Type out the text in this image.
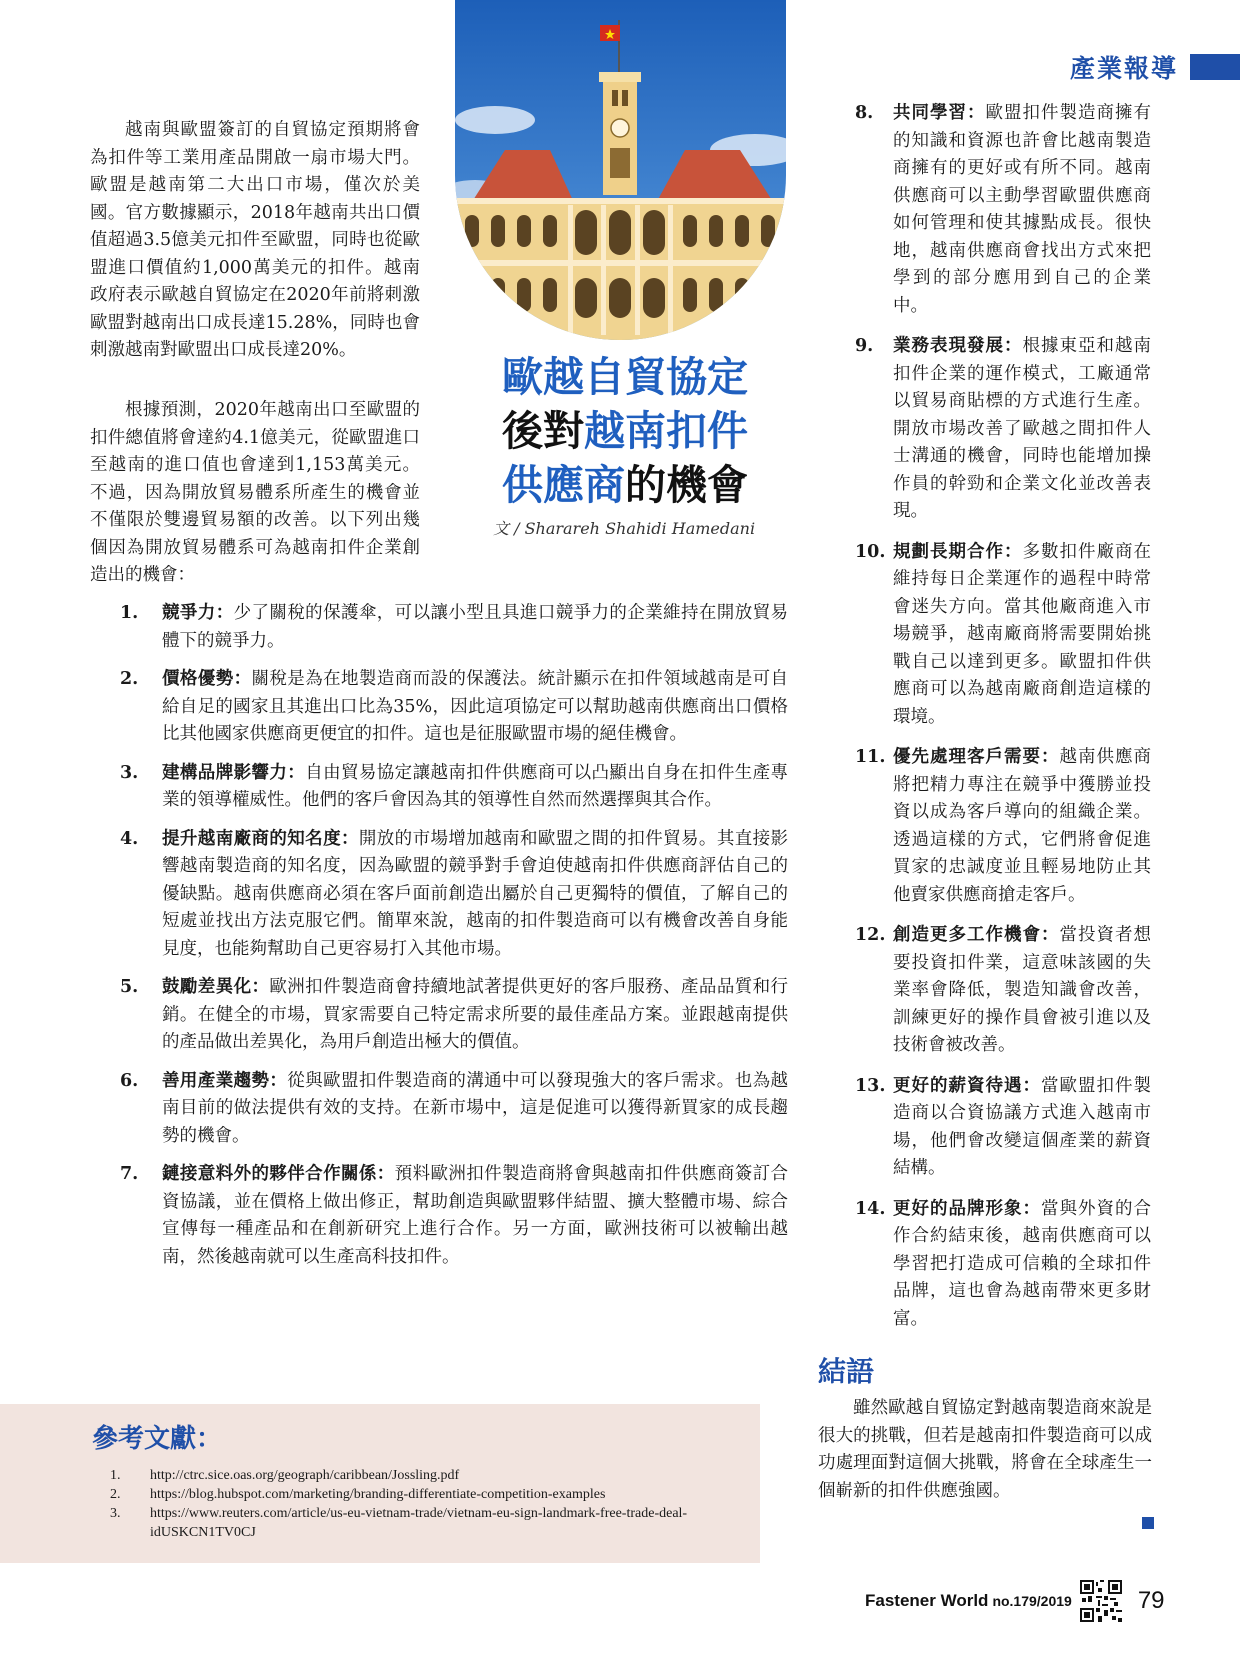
產業報導
歐越自貿協定
後對越南扣件
供應商的機會
文 / Sharareh Shahidi Hamedani

越南與歐盟簽訂的自貿協定預期將會為扣件等工業用產品開啟一扇市場大門。歐盟是越南第二大出口市場，僅次於美國。官方數據顯示，2018年越南共出口價值超過3.5億美元扣件至歐盟，同時也從歐盟進口價值約1,000萬美元的扣件。越南政府表示歐越自貿協定在2020年前將刺激歐盟對越南出口成長達15.28%，同時也會刺激越南對歐盟出口成長達20%。

根據預測，2020年越南出口至歐盟的扣件總值將會達約4.1億美元，從歐盟進口至越南的進口值也會達到1,153萬美元。不過，因為開放貿易體系所產生的機會並不僅限於雙邊貿易額的改善。以下列出幾個因為開放貿易體系可為越南扣件企業創造出的機會：

1.	競爭力：少了關稅的保護傘，可以讓小型且具進口競爭力的企業維持在開放貿易體下的競爭力。
2.	價格優勢：關稅是為在地製造商而設的保護法。統計顯示在扣件領域越南是可自給自足的國家且其進出口比為35%，因此這項協定可以幫助越南供應商出口價格比其他國家供應商更便宜的扣件。這也是征服歐盟市場的絕佳機會。
3.	建構品牌影響力：自由貿易協定讓越南扣件供應商可以凸顯出自身在扣件生產專業的領導權威性。他們的客戶會因為其的領導性自然而然選擇與其合作。
4.	提升越南廠商的知名度：開放的市場增加越南和歐盟之間的扣件貿易。其直接影響越南製造商的知名度，因為歐盟的競爭對手會迫使越南扣件供應商評估自己的優缺點。越南供應商必須在客戶面前創造出屬於自己更獨特的價值，了解自己的短處並找出方法克服它們。簡單來說，越南的扣件製造商可以有機會改善自身能見度，也能夠幫助自己更容易打入其他市場。
5.	鼓勵差異化：歐洲扣件製造商會持續地試著提供更好的客戶服務、產品品質和行銷。在健全的市場，買家需要自己特定需求所要的最佳產品方案。並跟越南提供的產品做出差異化，為用戶創造出極大的價值。
6.	善用產業趨勢：從與歐盟扣件製造商的溝通中可以發現強大的客戶需求。也為越南目前的做法提供有效的支持。在新市場中，這是促進可以獲得新買家的成長趨勢的機會。
7.	鏈接意料外的夥伴合作關係：預料歐洲扣件製造商將會與越南扣件供應商簽訂合資協議，並在價格上做出修正，幫助創造與歐盟夥伴結盟、擴大整體市場、綜合宣傳每一種產品和在創新研究上進行合作。另一方面，歐洲技術可以被輸出越南，然後越南就可以生產高科技扣件。
8.	共同學習：歐盟扣件製造商擁有的知識和資源也許會比越南製造商擁有的更好或有所不同。越南供應商可以主動學習歐盟供應商如何管理和使其據點成長。很快地，越南供應商會找出方式來把學到的部分應用到自己的企業中。
9.	業務表現發展：根據東亞和越南扣件企業的運作模式，工廠通常以貿易商貼標的方式進行生產。開放市場改善了歐越之間扣件人士溝通的機會，同時也能增加操作員的幹勁和企業文化並改善表現。
10. 規劃長期合作：多數扣件廠商在維持每日企業運作的過程中時常會迷失方向。當其他廠商進入市場競爭，越南廠商將需要開始挑戰自己以達到更多。歐盟扣件供應商可以為越南廠商創造這樣的環境。
11. 優先處理客戶需要：越南供應商將把精力專注在競爭中獲勝並投資以成為客戶導向的組織企業。透過這樣的方式，它們將會促進買家的忠誠度並且輕易地防止其他賣家供應商搶走客戶。
12. 創造更多工作機會：當投資者想要投資扣件業，這意味該國的失業率會降低，製造知識會改善，訓練更好的操作員會被引進以及技術會被改善。
13. 更好的薪資待遇：當歐盟扣件製造商以合資協議方式進入越南市場，他們會改變這個產業的薪資結構。
14. 更好的品牌形象：當與外資的合作合約結束後，越南供應商可以學習把打造成可信賴的全球扣件品牌，這也會為越南帶來更多財富。
結語

雖然歐越自貿協定對越南製造商來說是很大的挑戰，但若是越南扣件製造商可以成功處理面對這個大挑戰，將會在全球產生一個嶄新的扣件供應強國。

參考文獻：
1.	http://ctrc.sice.oas.org/geograph/caribbean/Jossling.pdf
2.	https://blog.hubspot.com/marketing/branding-differentiate-competition-examples
3.	https://www.reuters.com/article/us-eu-vietnam-trade/vietnam-eu-sign-landmark-free-trade-deal-idUSKCN1TV0CJ
Fastener World no.179/2019	79
